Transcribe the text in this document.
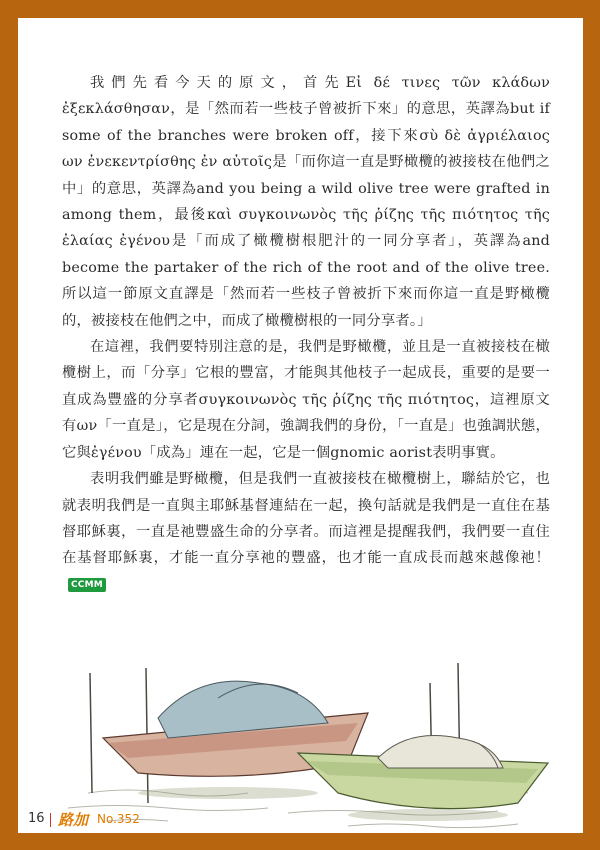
我們先看今天的原文，首先Εἰ δέ τινες τῶν κλάδων ἐξεκλάσθησαν，是「然而若一些枝子曾被折下來」的意思，英譯為but if some of the branches were broken off，接下來σὺ δὲ ἀγριέλαιος ων ἐνεκεντρίσθης ἐν αὐτοῖς是「而你這一直是野橄欖的被接枝在他們之中」的意思，英譯為and you being a wild olive tree were grafted in among them，最後καὶ συγκοινωνὸς τῆς ῥίζης τῆς πιότητος τῆς ἐλαίας ἐγένου是「而成了橄欖樹根肥汁的一同分享者」，英譯為and become the partaker of the rich of the root and of the olive tree. 所以這一節原文直譯是「然而若一些枝子曾被折下來而你這一直是野橄欖的，被接枝在他們之中，而成了橄欖樹根的一同分享者。」

在這裡，我們要特別注意的是，我們是野橄欖，並且是一直被接枝在橄欖樹上，而「分享」它根的豐富，才能與其他枝子一起成長，重要的是要一直成為豐盛的分享者συγκοινωνὸς τῆς ῥίζης τῆς πιότητος，這裡原文有ων「一直是」，它是現在分詞，強調我們的身份，「一直是」也強調狀態，它與ἐγένου「成為」連在一起，它是一個gnomic aorist表明事實。

表明我們雖是野橄欖，但是我們一直被接枝在橄欖樹上，聯結於它，也就表明我們是一直與主耶穌基督連結在一起，換句話就是我們是一直住在基督耶穌裏，一直是祂豐盛生命的分享者。而這裡是提醒我們，我們要一直住在基督耶穌裏，才能一直分享祂的豐盛，也才能一直成長而越來越像祂！CCMM

16 路加 No.352
